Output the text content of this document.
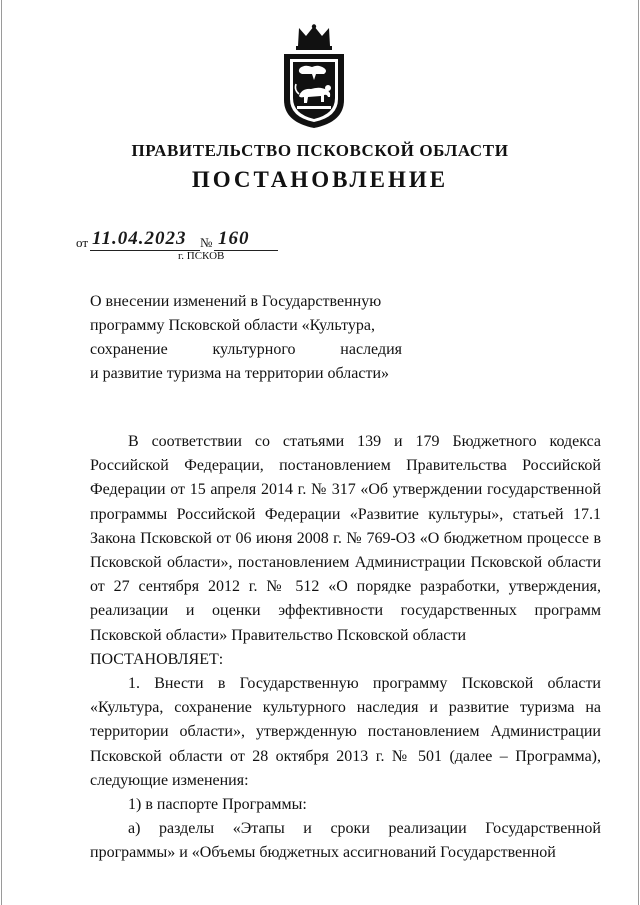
ПРАВИТЕЛЬСТВО ПСКОВСКОЙ ОБЛАСТИ
ПОСТАНОВЛЕНИЕ
от 11.04.2023 № 160
г. ПСКОВ
О внесении изменений в Государственную
программу Псковской области «Культура,
сохранение культурного наследия
и развитие туризма на территории области»

В соответствии со статьями 139 и 179 Бюджетного кодекса Российской Федерации, постановлением Правительства Российской Федерации от 15 апреля 2014 г. № 317 «Об утверждении государственной программы Российской Федерации «Развитие культуры», статьей 17.1 Закона Псковской от 06 июня 2008 г. № 769-ОЗ «О бюджетном процессе в Псковской области», постановлением Администрации Псковской области от 27 сентября 2012 г. № 512 «О порядке разработки, утверждения, реализации и оценки эффективности государственных программ Псковской области» Правительство Псковской области

ПОСТАНОВЛЯЕТ:

1. Внести в Государственную программу Псковской области «Культура, сохранение культурного наследия и развитие туризма на территории области», утвержденную постановлением Администрации Псковской области от 28 октября 2013 г. № 501 (далее – Программа), следующие изменения:

1) в паспорте Программы:

а) разделы «Этапы и сроки реализации Государственной программы» и «Объемы бюджетных ассигнований Государственной
